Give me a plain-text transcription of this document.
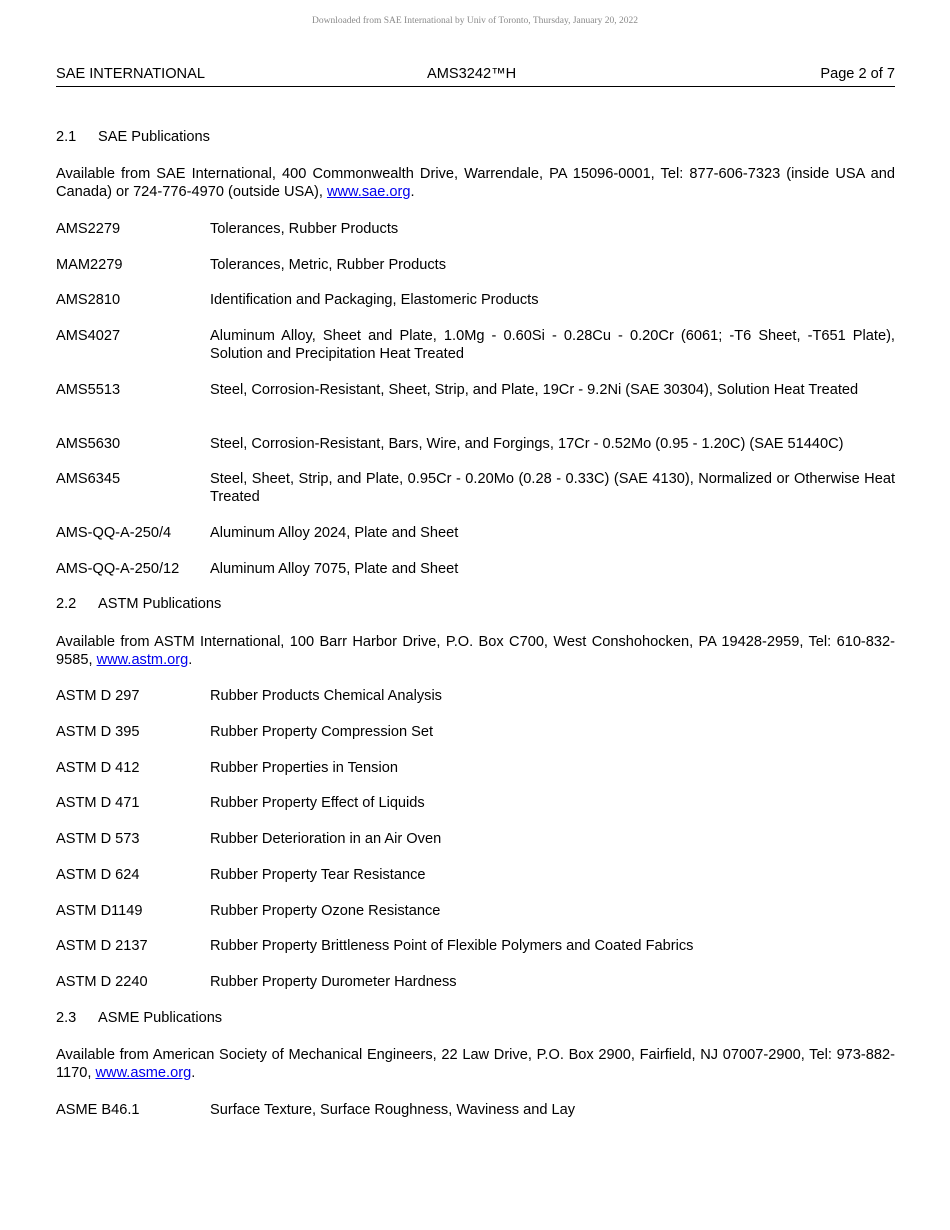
Downloaded from SAE International by Univ of Toronto, Thursday, January 20, 2022
SAE INTERNATIONAL	AMS3242™H	Page 2 of 7
2.1 SAE Publications
Available from SAE International, 400 Commonwealth Drive, Warrendale, PA 15096-0001, Tel: 877-606-7323 (inside USA and Canada) or 724-776-4970 (outside USA), www.sae.org.
AMS2279	Tolerances, Rubber Products
MAM2279	Tolerances, Metric, Rubber Products
AMS2810	Identification and Packaging, Elastomeric Products
AMS4027	Aluminum Alloy, Sheet and Plate, 1.0Mg - 0.60Si - 0.28Cu - 0.20Cr (6061; -T6 Sheet, -T651 Plate), Solution and Precipitation Heat Treated
AMS5513	Steel, Corrosion-Resistant, Sheet, Strip, and Plate, 19Cr - 9.2Ni (SAE 30304), Solution Heat Treated
AMS5630	Steel, Corrosion-Resistant, Bars, Wire, and Forgings, 17Cr - 0.52Mo (0.95 - 1.20C) (SAE 51440C)
AMS6345	Steel, Sheet, Strip, and Plate, 0.95Cr - 0.20Mo (0.28 - 0.33C) (SAE 4130), Normalized or Otherwise Heat Treated
AMS-QQ-A-250/4	Aluminum Alloy 2024, Plate and Sheet
AMS-QQ-A-250/12 Aluminum Alloy 7075, Plate and Sheet
2.2 ASTM Publications
Available from ASTM International, 100 Barr Harbor Drive, P.O. Box C700, West Conshohocken, PA 19428-2959, Tel: 610-832-9585, www.astm.org.
ASTM D 297	Rubber Products Chemical Analysis
ASTM D 395	Rubber Property Compression Set
ASTM D 412	Rubber Properties in Tension
ASTM D 471	Rubber Property Effect of Liquids
ASTM D 573	Rubber Deterioration in an Air Oven
ASTM D 624	Rubber Property Tear Resistance
ASTM D1149	Rubber Property Ozone Resistance
ASTM D 2137	Rubber Property Brittleness Point of Flexible Polymers and Coated Fabrics
ASTM D 2240	Rubber Property Durometer Hardness
2.3 ASME Publications
Available from American Society of Mechanical Engineers, 22 Law Drive, P.O. Box 2900, Fairfield, NJ 07007-2900, Tel: 973-882-1170, www.asme.org.
ASME B46.1	Surface Texture, Surface Roughness, Waviness and Lay
